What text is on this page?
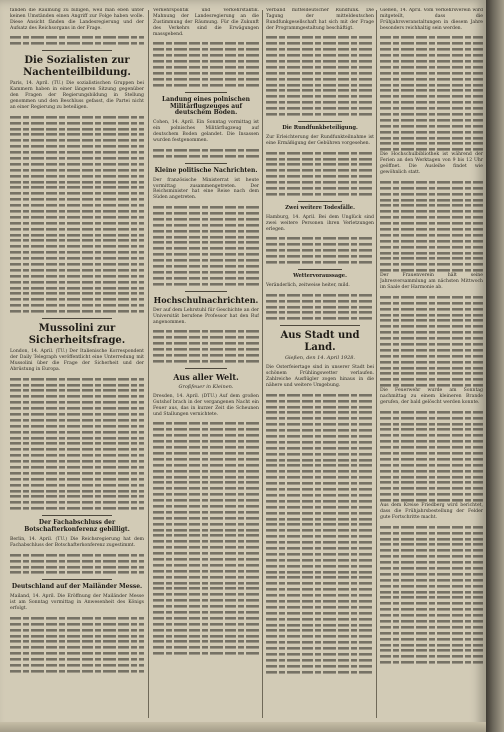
fänden die Räumung zu billigen, weil man eben unter keinen Umständen einen Angriff zur Folge haben wolle. Diese Ansicht fänden die Landesregierung und der Aufsatz des Reichsorgans in der Frage.

Die Sozialisten zur Nachenteilbildung.

Paris, 14. April. (TU.) Die sozialistischen Gruppen bei Kammern haben in einer längeren Sitzung gegenüber den Fragen der Regierungsbildung in Stellung genommen und den Beschluss gefasst, die Partei nicht an einer Regierung zu beteiligen.

Mussolini zur Sicherheitsfrage.

London, 14. April. (TU.) Der Italienische Korrespondent der Daily Telegraph veröffentlicht eine Unterredung mit Mussolini über die Frage der Sicherheit und der Abrüstung in Europa.

Der Fachabschluss der Botschafterkonferenz gebilligt.

Berlin, 14. April. (TU.) Die Reichsregierung hat dem Fachabschluss der Botschafterkonferenz zugestimmt.

Deutschland auf der Mailänder Messe.

Mailand, 14. April. Die Eröffnung der Mailänder Messe ist am Sonntag vormittag in Anwesenheit des Königs erfolgt.

Verkehrspolitik und Verkehrstaktik. Mahnung der Landesregierung an die Zustimmung der Räumung. Für die Zukunft des Verkehrs sind die Erwägungen massgebend.

Landung eines polnischen Militärflugzeuges auf deutschem Boden.

Cohen, 14. April. Ein Sonntag vormittag ist ein polnisches Militärflugzeug auf deutschem Boden gelandet. Die Insassen wurden festgenommen.

Kleine politische Nachrichten.

Der französische Ministerrat ist heute vormittag zusammengetreten. Der Reichsminister hat eine Reise nach dem Süden angetreten.

Hochschulnachrichten.

Der auf dem Lehrstuhl für Geschichte an der Universität berufene Professor hat den Ruf angenommen.

Aus aller Welt.
Großfeuer in Kleinen.

Dresden, 14. April. (DTU.) Auf dem großen Gutshof brach in der vergangenen Nacht ein Feuer aus, das in kurzer Zeit die Scheunen und Stallungen vernichtete.

Verband mitteldeutscher Rundfunk. Die Tagung der mitteldeutschen Rundfunkgesellschaft hat sich mit der Frage der Programmgestaltung beschäftigt.

Die Rundfunkbeteiligung.

Zur Erleichterung der Rundfunkteilnahme ist eine Ermäßigung der Gebühren vorgesehen.

Zwei weitere Todesfälle.

Hamburg, 14. April. Bei dem Unglück sind zwei weitere Personen ihren Verletzungen erlegen.

Wettervoraussage.

Veränderlich, zeitweise heiter, mild.

Aus Stadt und Land.
Gießen, den 14. April 1928.

Die Osterfeiertage sind in unserer Stadt bei schönem Frühlingswetter verlaufen. Zahlreiche Ausflügler zogen hinaus in die nähere und weitere Umgebung.

Gießen, 14. April. Vom Verkehrsverein wird mitgeteilt, dass die Frühjahrsveranstaltungen in diesem Jahre besonders reichhaltig sein werden.

Die Hochschulbibliothek ist während der Ferien an den Werktagen von 9 bis 12 Uhr geöffnet. Die Ausleihe findet wie gewöhnlich statt.

Der Frauenverein hält seine Jahresversammlung am nächsten Mittwoch im Saale der Harmonie ab.

Die Feuerwehr wurde am Sonntag nachmittag zu einem kleineren Brande gerufen, der bald gelöscht werden konnte.

Aus dem Kreise Friedberg wird berichtet, dass die Frühjahrsbestellung der Felder gute Fortschritte macht.
